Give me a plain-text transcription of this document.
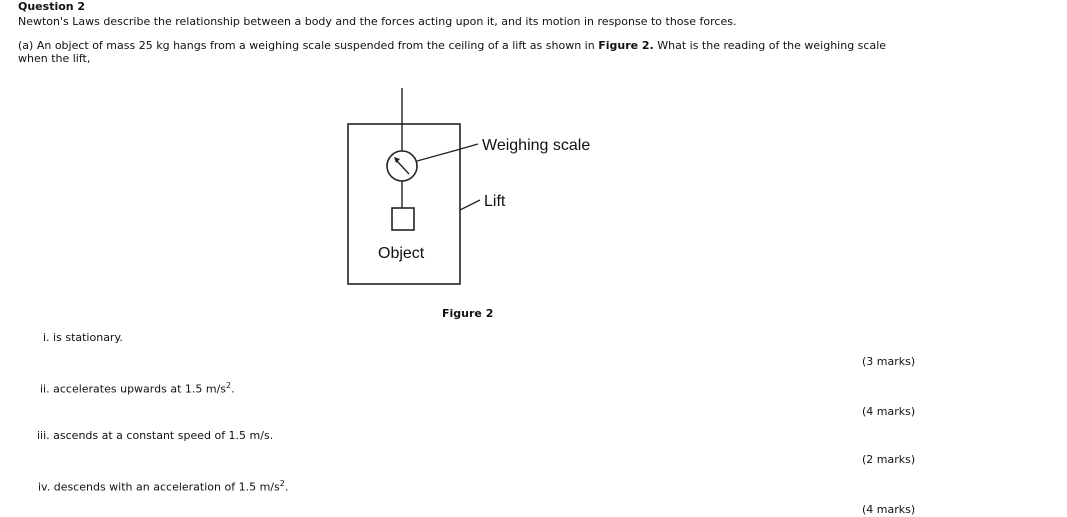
Question 2
Newton's Laws describe the relationship between a body and the forces acting upon it, and its motion in response to those forces.
(a) An object of mass 25 kg hangs from a weighing scale suspended from the ceiling of a lift as shown in Figure 2. What is the reading of the weighing scale when the lift,
Weighing scale
Lift
Object
Figure 2
i. is stationary.
(3 marks)
ii. accelerates upwards at 1.5 $m/s^2$.
(4 marks)
iii. ascends at a constant speed of 1.5 m/s.
(2 marks)
iv. descends with an acceleration of 1.5 $m/s^2$.
(4 marks)
